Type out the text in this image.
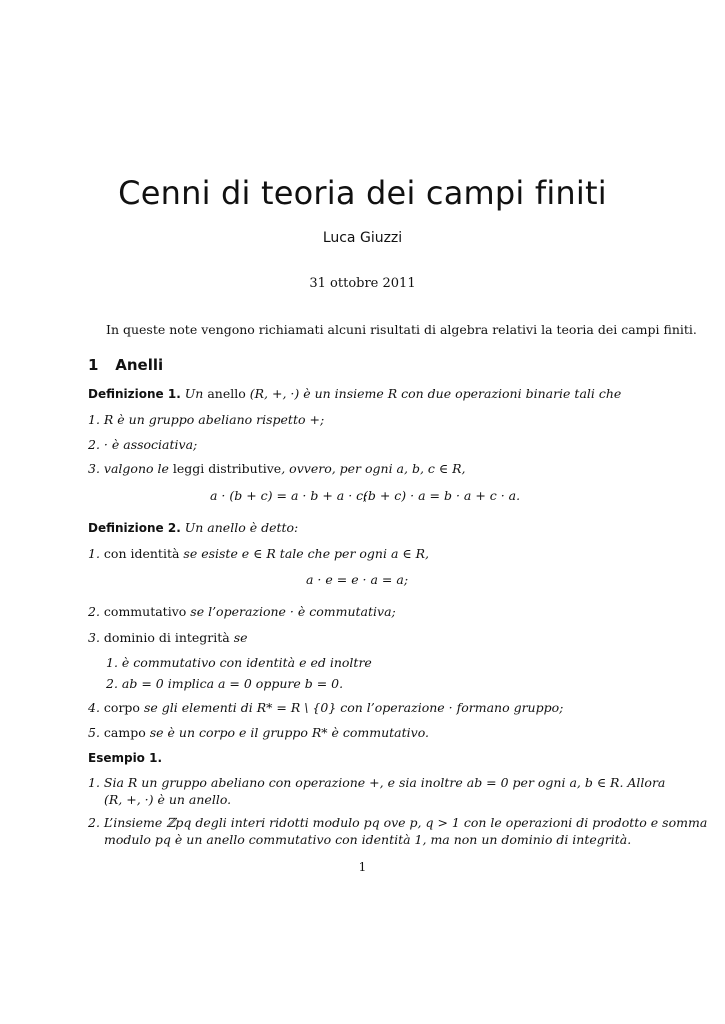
Cenni di teoria dei campi finiti
Luca Giuzzi
31 ottobre 2011
In queste note vengono richiamati alcuni risultati di algebra relativi la teoria dei campi finiti.
1 Anelli
Definizione 1. Un anello (R, +, ·) è un insieme R con due operazioni binarie tali che
1. R è un gruppo abeliano rispetto +;
2. · è associativa;
3. valgono le leggi distributive, ovvero, per ogni a, b, c ∈ R,
a · (b + c) = a · b + a · c;
(b + c) · a = b · a + c · a.
Definizione 2. Un anello è detto:
1. con identità se esiste e ∈ R tale che per ogni a ∈ R,
a · e = e · a = a;
2. commutativo se l’operazione · è commutativa;
3. dominio di integrità se
1. è commutativo con identità e ed inoltre
2. ab = 0 implica a = 0 oppure b = 0.
4. corpo se gli elementi di R* = R \ {0} con l’operazione · formano gruppo;
5. campo se è un corpo e il gruppo R* è commutativo.
Esempio 1.
1. Sia R un gruppo abeliano con operazione +, e sia inoltre ab = 0 per ogni a, b ∈ R. Allora
(R, +, ·) è un anello.
2. L’insieme ℤpq degli interi ridotti modulo pq ove p, q > 1 con le operazioni di prodotto e somma
modulo pq è un anello commutativo con identità 1, ma non un dominio di integrità.
1
